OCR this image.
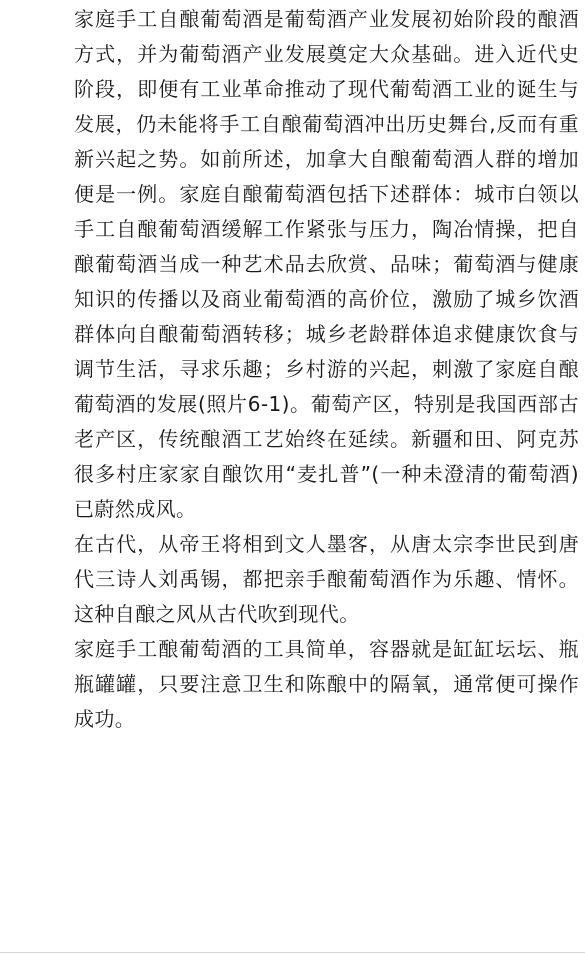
家庭手工自酿葡萄酒是葡萄酒产业发展初始阶段的酿酒方式，并为葡萄酒产业发展奠定大众基础。进入近代史阶段，即便有工业革命推动了现代葡萄酒工业的诞生与发展，仍未能将手工自酿葡萄酒冲出历史舞台,反而有重新兴起之势。如前所述，加拿大自酿葡萄酒人群的增加便是一例。家庭自酿葡萄酒包括下述群体：城市白领以手工自酿葡萄酒缓解工作紧张与压力，陶冶情操，把自酿葡萄酒当成一种艺术品去欣赏、品味；葡萄酒与健康知识的传播以及商业葡萄酒的高价位，激励了城乡饮酒群体向自酿葡萄酒转移；城乡老龄群体追求健康饮食与调节生活，寻求乐趣；乡村游的兴起，刺激了家庭自酿葡萄酒的发展(照片6-1)。葡萄产区，特别是我国西部古老产区，传统酿酒工艺始终在延续。新疆和田、阿克苏很多村庄家家自酿饮用“麦扎普”(一种未澄清的葡萄酒)已蔚然成风。

在古代，从帝王将相到文人墨客，从唐太宗李世民到唐代三诗人刘禹锡，都把亲手酿葡萄酒作为乐趣、情怀。这种自酿之风从古代吹到现代。

家庭手工酿葡萄酒的工具简单，容器就是缸缸坛坛、瓶瓶罐罐，只要注意卫生和陈酿中的隔氧，通常便可操作成功。
